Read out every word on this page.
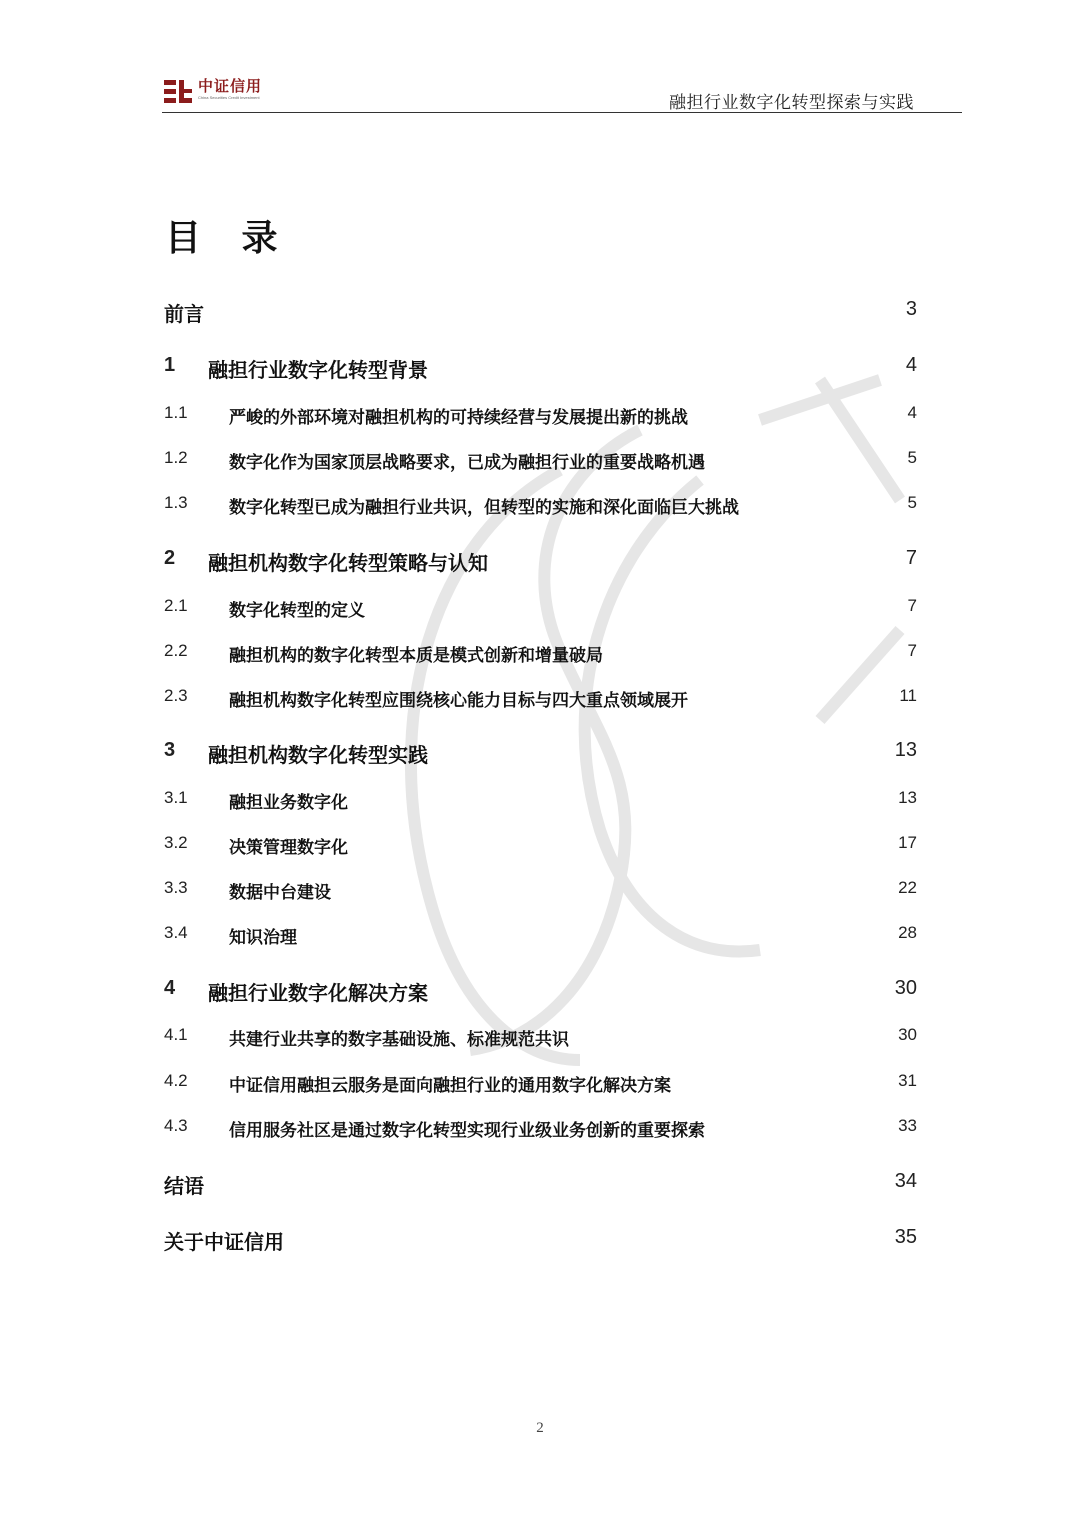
中证信用
China Securities Credit Investment	融担行业数字化转型探索与实践
目 录
前言	3
1 融担行业数字化转型背景	4
1.1 严峻的外部环境对融担机构的可持续经营与发展提出新的挑战	4
1.2 数字化作为国家顶层战略要求，已成为融担行业的重要战略机遇	5
1.3 数字化转型已成为融担行业共识，但转型的实施和深化面临巨大挑战	5
2 融担机构数字化转型策略与认知	7
2.1 数字化转型的定义	7
2.2 融担机构的数字化转型本质是模式创新和增量破局	7
2.3 融担机构数字化转型应围绕核心能力目标与四大重点领域展开	11
3 融担机构数字化转型实践	13
3.1 融担业务数字化	13
3.2 决策管理数字化	17
3.3 数据中台建设	22
3.4 知识治理	28
4 融担行业数字化解决方案	30
4.1 共建行业共享的数字基础设施、标准规范共识	30
4.2 中证信用融担云服务是面向融担行业的通用数字化解决方案	31
4.3 信用服务社区是通过数字化转型实现行业级业务创新的重要探索	33
结语	34
关于中证信用	35
2
